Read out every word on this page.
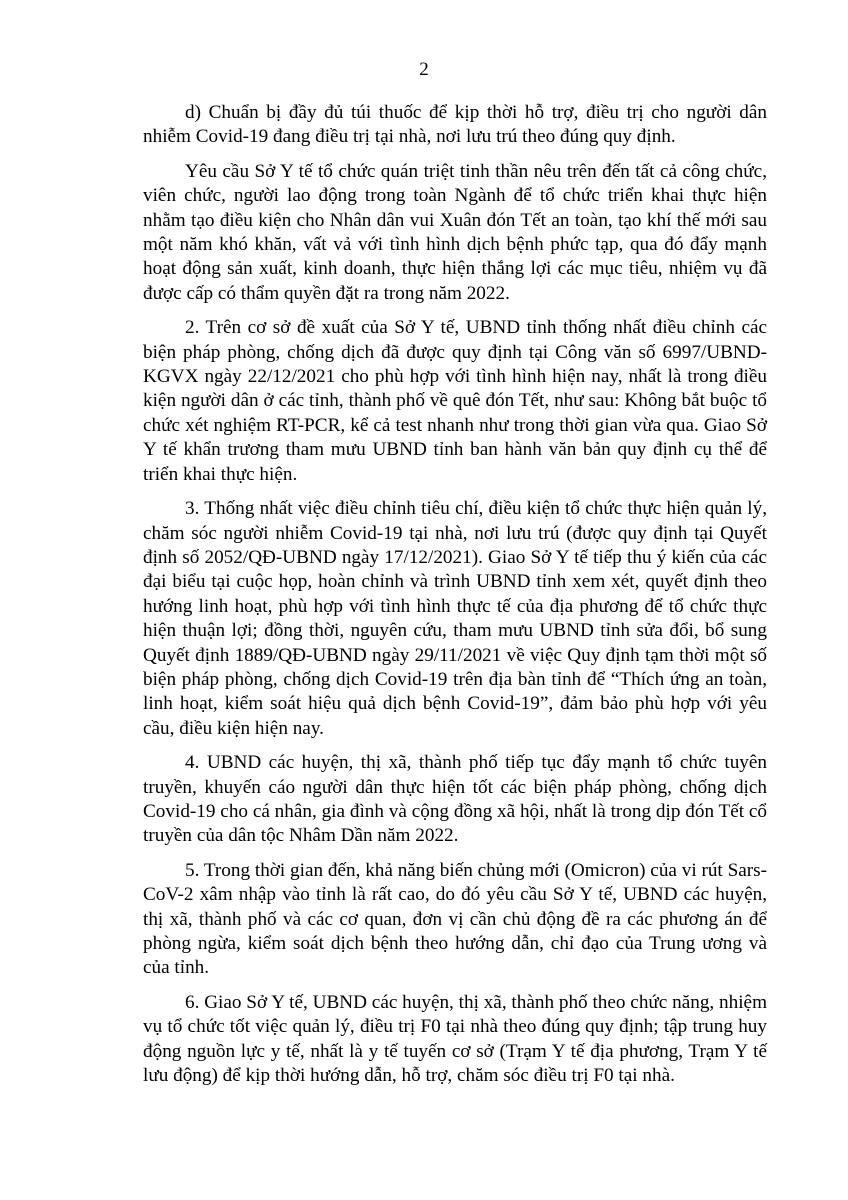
2

d) Chuẩn bị đầy đủ túi thuốc để kịp thời hỗ trợ, điều trị cho người dân nhiễm Covid-19 đang điều trị tại nhà, nơi lưu trú theo đúng quy định.

Yêu cầu Sở Y tế tổ chức quán triệt tinh thần nêu trên đến tất cả công chức, viên chức, người lao động trong toàn Ngành để tổ chức triển khai thực hiện nhằm tạo điều kiện cho Nhân dân vui Xuân đón Tết an toàn, tạo khí thế mới sau một năm khó khăn, vất vả với tình hình dịch bệnh phức tạp, qua đó đẩy mạnh hoạt động sản xuất, kinh doanh, thực hiện thắng lợi các mục tiêu, nhiệm vụ đã được cấp có thẩm quyền đặt ra trong năm 2022.

2. Trên cơ sở đề xuất của Sở Y tế, UBND tỉnh thống nhất điều chỉnh các biện pháp phòng, chống dịch đã được quy định tại Công văn số 6997/UBND-KGVX ngày 22/12/2021 cho phù hợp với tình hình hiện nay, nhất là trong điều kiện người dân ở các tỉnh, thành phố về quê đón Tết, như sau: Không bắt buộc tổ chức xét nghiệm RT-PCR, kể cả test nhanh như trong thời gian vừa qua. Giao Sở Y tế khẩn trương tham mưu UBND tỉnh ban hành văn bản quy định cụ thể để triển khai thực hiện.

3. Thống nhất việc điều chỉnh tiêu chí, điều kiện tổ chức thực hiện quản lý, chăm sóc người nhiễm Covid-19 tại nhà, nơi lưu trú (được quy định tại Quyết định số 2052/QĐ-UBND ngày 17/12/2021). Giao Sở Y tế tiếp thu ý kiến của các đại biểu tại cuộc họp, hoàn chỉnh và trình UBND tỉnh xem xét, quyết định theo hướng linh hoạt, phù hợp với tình hình thực tế của địa phương để tổ chức thực hiện thuận lợi; đồng thời, nguyên cứu, tham mưu UBND tỉnh sửa đổi, bổ sung Quyết định 1889/QĐ-UBND ngày 29/11/2021 về việc Quy định tạm thời một số biện pháp phòng, chống dịch Covid-19 trên địa bàn tỉnh để “Thích ứng an toàn, linh hoạt, kiểm soát hiệu quả dịch bệnh Covid-19”, đảm bảo phù hợp với yêu cầu, điều kiện hiện nay.

4. UBND các huyện, thị xã, thành phố tiếp tục đẩy mạnh tổ chức tuyên truyền, khuyến cáo người dân thực hiện tốt các biện pháp phòng, chống dịch Covid-19 cho cá nhân, gia đình và cộng đồng xã hội, nhất là trong dịp đón Tết cổ truyền của dân tộc Nhâm Dần năm 2022.

5. Trong thời gian đến, khả năng biến chủng mới (Omicron) của vi rút Sars-CoV-2 xâm nhập vào tỉnh là rất cao, do đó yêu cầu Sở Y tế, UBND các huyện, thị xã, thành phố và các cơ quan, đơn vị cần chủ động đề ra các phương án để phòng ngừa, kiểm soát dịch bệnh theo hướng dẫn, chỉ đạo của Trung ương và của tỉnh.

6. Giao Sở Y tế, UBND các huyện, thị xã, thành phố theo chức năng, nhiệm vụ tổ chức tốt việc quản lý, điều trị F0 tại nhà theo đúng quy định; tập trung huy động nguồn lực y tế, nhất là y tế tuyến cơ sở (Trạm Y tế địa phương, Trạm Y tế lưu động) để kịp thời hướng dẫn, hỗ trợ, chăm sóc điều trị F0 tại nhà.
